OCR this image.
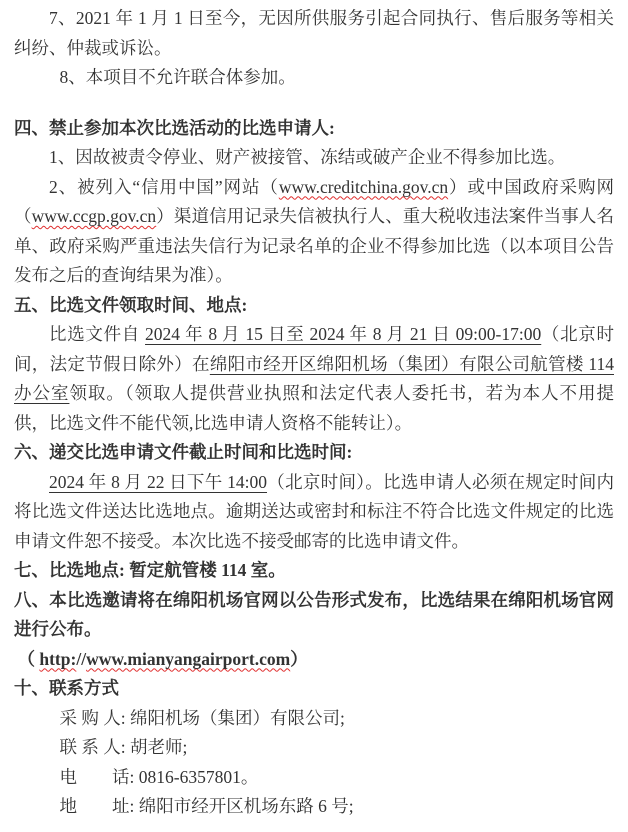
7、2021 年 1 月 1 日至今，无因所供服务引起合同执行、售后服务等相关纠纷、仲裁或诉讼。

8、本项目不允许联合体参加。

四、禁止参加本次比选活动的比选申请人:

1、因故被责令停业、财产被接管、冻结或破产企业不得参加比选。

2、被列入“信用中国”网站（www.creditchina.gov.cn）或中国政府采购网（www.ccgp.gov.cn）渠道信用记录失信被执行人、重大税收违法案件当事人名单、政府采购严重违法失信行为记录名单的企业不得参加比选（以本项目公告发布之后的查询结果为准）。

五、比选文件领取时间、地点:

比选文件自 2024 年 8 月 15 日至 2024 年 8 月 21 日 09:00-17:00（北京时间，法定节假日除外）在绵阳市经开区绵阳机场（集团）有限公司航管楼 114 办公室领取。（领取人提供营业执照和法定代表人委托书，若为本人不用提供，比选文件不能代领,比选申请人资格不能转让）。

六、递交比选申请文件截止时间和比选时间:

2024 年 8 月 22 日下午 14:00（北京时间）。比选申请人必须在规定时间内将比选文件送达比选地点。逾期送达或密封和标注不符合比选文件规定的比选申请文件恕不接受。本次比选不接受邮寄的比选申请文件。

七、比选地点: 暂定航管楼 114 室。

八、本比选邀请将在绵阳机场官网以公告形式发布，比选结果在绵阳机场官网进行公布。

（ http://www.mianyangairport.com）

十、联系方式

采 购 人: 绵阳机场（集团）有限公司;

联 系 人: 胡老师;

电　　话: 0816-6357801。

地　　址: 绵阳市经开区机场东路 6 号;
